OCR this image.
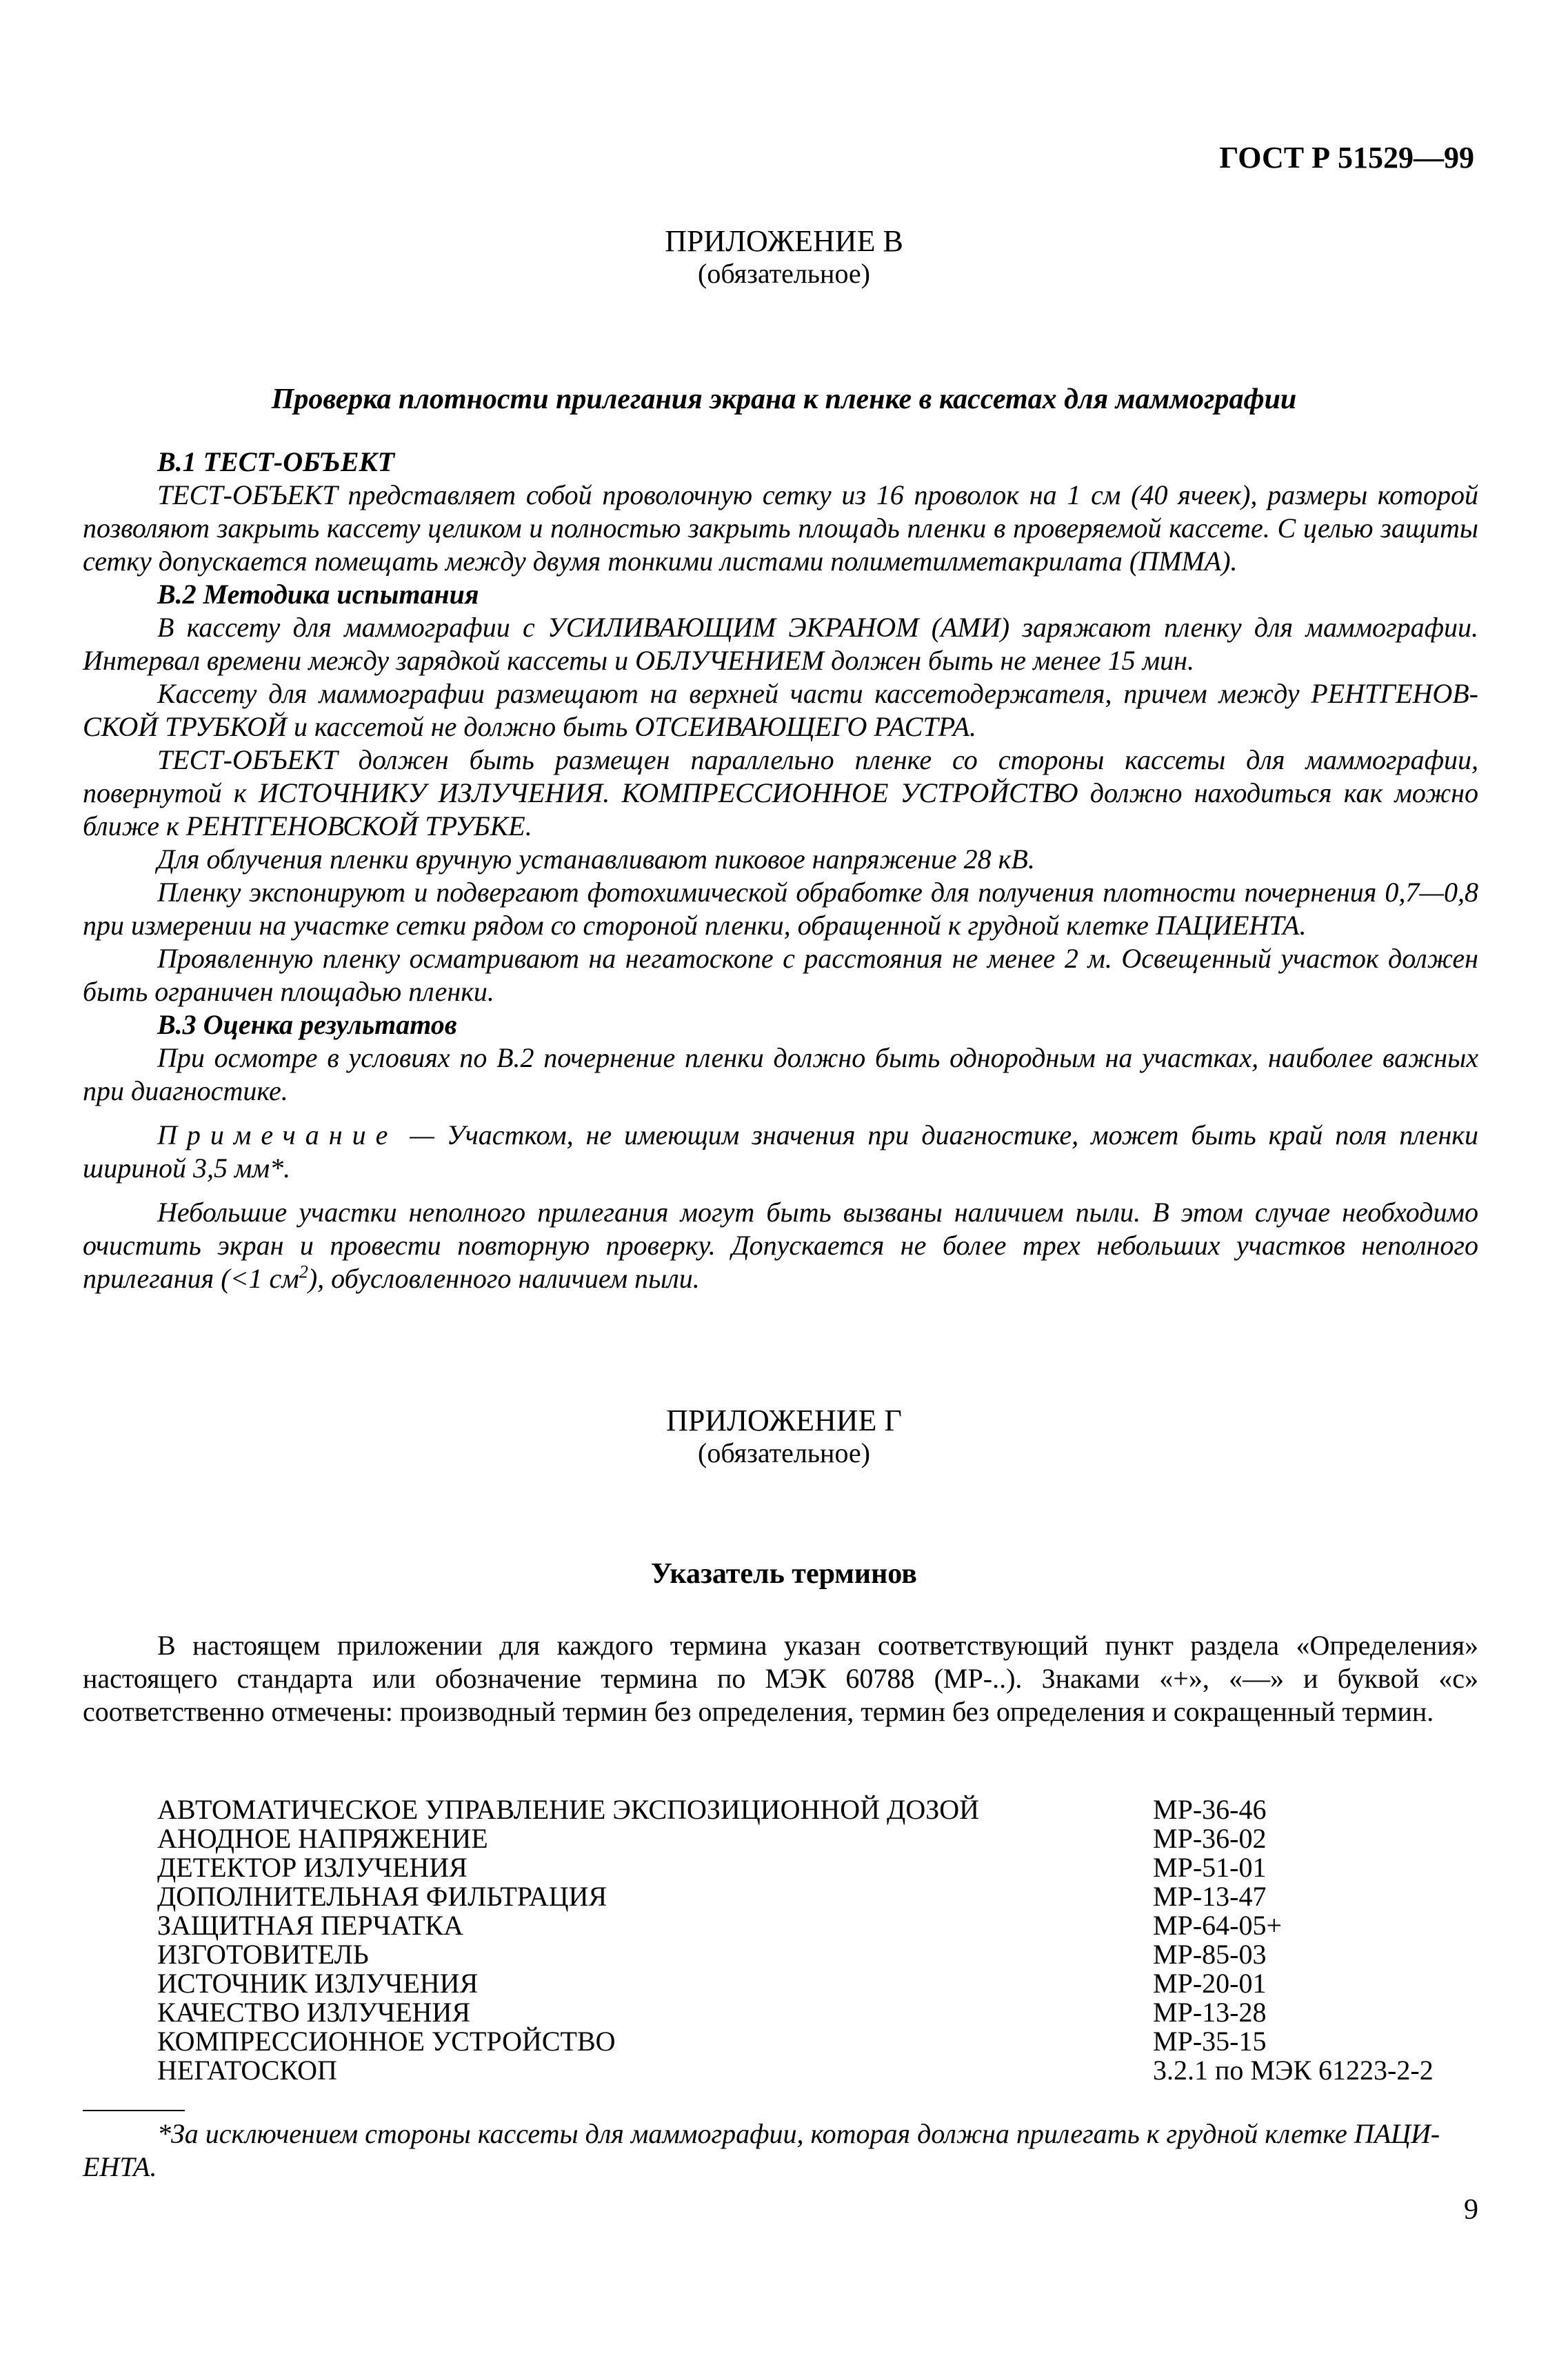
ГОСТ Р 51529—99
ПРИЛОЖЕНИЕ В
(обязательное)
Проверка плотности прилегания экрана к пленке в кассетах для маммографии

В.1 ТЕСТ-ОБЪЕКТ

ТЕСТ-ОБЪЕКТ представляет собой проволочную сетку из 16 проволок на 1 см (40 ячеек), размеры которой позволяют закрыть кассету целиком и полностью закрыть площадь пленки в проверяемой кассете. С целью защиты сетку допускается помещать между двумя тонкими листами полиметилметакрилата (ПММА).

В.2 Методика испытания

В кассету для маммографии с УСИЛИВАЮЩИМ ЭКРАНОМ (АМИ) заряжают пленку для маммографии. Интервал времени между зарядкой кассеты и ОБЛУЧЕНИЕМ должен быть не менее 15 мин.

Кассету для маммографии размещают на верхней части кассетодержателя, причем между РЕНТГЕНОВСКОЙ ТРУБКОЙ и кассетой не должно быть ОТСЕИВАЮЩЕГО РАСТРА.

ТЕСТ-ОБЪЕКТ должен быть размещен параллельно пленке со стороны кассеты для маммографии, повернутой к ИСТОЧНИКУ ИЗЛУЧЕНИЯ. КОМПРЕССИОННОЕ УСТРОЙСТВО должно находиться как можно ближе к РЕНТГЕНОВСКОЙ ТРУБКЕ.

Для облучения пленки вручную устанавливают пиковое напряжение 28 кВ.

Пленку экспонируют и подвергают фотохимической обработке для получения плотности почернения 0,7—0,8 при измерении на участке сетки рядом со стороной пленки, обращенной к грудной клетке ПАЦИЕНТА.

Проявленную пленку осматривают на негатоскопе с расстояния не менее 2 м. Освещенный участок должен быть ограничен площадью пленки.

В.3 Оценка результатов

При осмотре в условиях по В.2 почернение пленки должно быть однородным на участках, наиболее важных при диагностике.

Примечание — Участком, не имеющим значения при диагностике, может быть край поля пленки шириной 3,5 мм*.

Небольшие участки неполного прилегания могут быть вызваны наличием пыли. В этом случае необходимо очистить экран и провести повторную проверку. Допускается не более трех небольших участков неполного прилегания (<1 $см^2$), обусловленного наличием пыли.

ПРИЛОЖЕНИЕ Г
(обязательное)
Указатель терминов

В настоящем приложении для каждого термина указан соответствующий пункт раздела «Определения» настоящего стандарта или обозначение термина по МЭК 60788 (МР-..). Знаками «+», «—» и буквой «с» соответственно отмечены: производный термин без определения, термин без определения и сокращенный термин.

АВТОМАТИЧЕСКОЕ УПРАВЛЕНИЕ ЭКСПОЗИЦИОННОЙ ДОЗОЙ	МР-36-46
АНОДНОЕ НАПРЯЖЕНИЕ	МР-36-02
ДЕТЕКТОР ИЗЛУЧЕНИЯ	МР-51-01
ДОПОЛНИТЕЛЬНАЯ ФИЛЬТРАЦИЯ	МР-13-47
ЗАЩИТНАЯ ПЕРЧАТКА	МР-64-05+
ИЗГОТОВИТЕЛЬ	МР-85-03
ИСТОЧНИК ИЗЛУЧЕНИЯ	МР-20-01
КАЧЕСТВО ИЗЛУЧЕНИЯ	МР-13-28
КОМПРЕССИОННОЕ УСТРОЙСТВО	МР-35-15
НЕГАТОСКОП	3.2.1 по МЭК 61223-2-2
*За исключением стороны кассеты для маммографии, которая должна прилегать к грудной клетке ПАЦИЕНТА.
9
